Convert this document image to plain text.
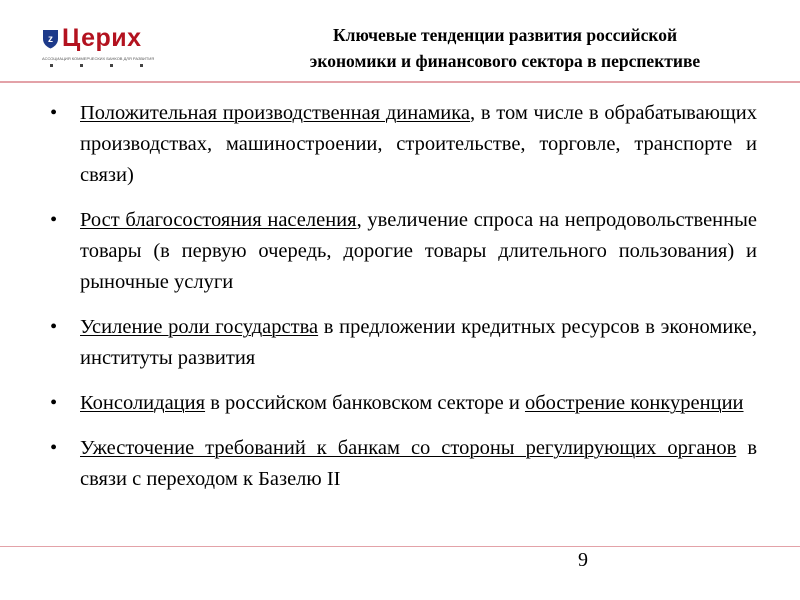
z Церих
АССОЦИАЦИЯ КОММЕРЧЕСКИХ БАНКОВ ДЛЯ РАЗВИТИЯ
Ключевые тенденции развития российской
экономики и финансового сектора в перспективе
• Положительная производственная динамика, в том числе в обрабатывающих производствах, машиностроении, строительстве, торговле, транспорте и связи)
• Рост благосостояния населения, увеличение спроса на непродовольственные товары (в первую очередь, дорогие товары длительного пользования) и рыночные услуги
• Усиление роли государства в предложении кредитных ресурсов в экономике, институты развития
• Консолидация в российском банковском секторе и обострение конкуренции
• Ужесточение требований к банкам со стороны регулирующих органов в связи с переходом к Базелю II
9
